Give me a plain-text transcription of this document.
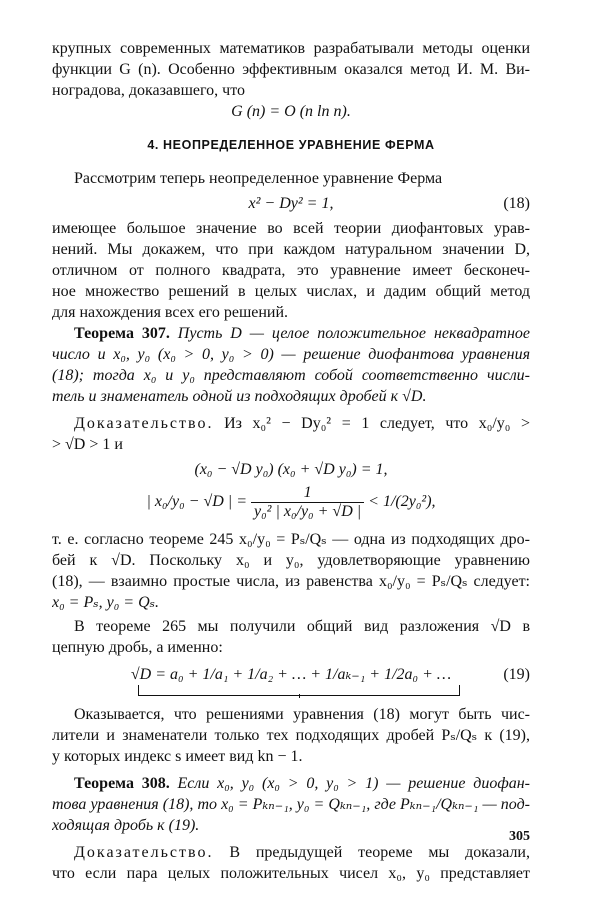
крупных современных математиков разрабатывали методы оценки
функции G (n). Особенно эффективным оказался метод И. М. Ви-
ноградова, доказавшего, что
G (n) = O (n ln n).
4. НЕОПРЕДЕЛЕННОЕ УРАВНЕНИЕ ФЕРМА
Рассмотрим теперь неопределенное уравнение Ферма
x² − Dy² = 1,	(18)
имеющее большое значение во всей теории диофантовых урав-
нений. Мы докажем, что при каждом натуральном значении D,
отличном от полного квадрата, это уравнение имеет бесконеч-
ное множество решений в целых числах, и дадим общий метод
для нахождения всех его решений.
Теорема 307. Пусть D — целое положительное неквадратное
число и x₀, y₀ (x₀ > 0, y₀ > 0) — решение диофантова уравнения
(18); тогда x₀ и y₀ представляют собой соответственно числи-
тель и знаменатель одной из подходящих дробей к √D.
Доказательство. Из x₀² − Dy₀² = 1 следует, что x₀/y₀ >
> √D > 1 и
(x₀ − √D y₀) (x₀ + √D y₀) = 1,
| x₀/y₀ − √D | = $\frac{1}{\text{y₀² | x₀/y₀ + √D |}} < 1/(2y_0^2)$,
т. е. согласно теореме 245 x₀/y₀ = Pₛ/Qₛ — одна из подходящих дро-
бей к √D. Поскольку x₀ и y₀, удовлетворяющие уравнению
(18), — взаимно простые числа, из равенства x₀/y₀ = Pₛ/Qₛ следует:
x₀ = Pₛ, y₀ = Qₛ.
В теореме 265 мы получили общий вид разложения √D в
цепную дробь, а именно:
√D = a₀ + 1/a₁ + 1/a₂ + … + 1/aₖ₋₁ + 1/2a₀ + …	(19)
Оказывается, что решениями уравнения (18) могут быть чис-
лители и знаменатели только тех подходящих дробей Pₛ/Qₛ к (19),
у которых индекс s имеет вид kn − 1.
Теорема 308. Если x₀, y₀ (x₀ > 0, y₀ > 1) — решение диофан-
това уравнения (18), то x₀ = Pₖₙ₋₁, y₀ = Qₖₙ₋₁, где Pₖₙ₋₁/Qₖₙ₋₁ — под-
ходящая дробь к (19).
Доказательство. В предыдущей теореме мы доказали,
что если пара целых положительных чисел x₀, y₀ представляет
305
